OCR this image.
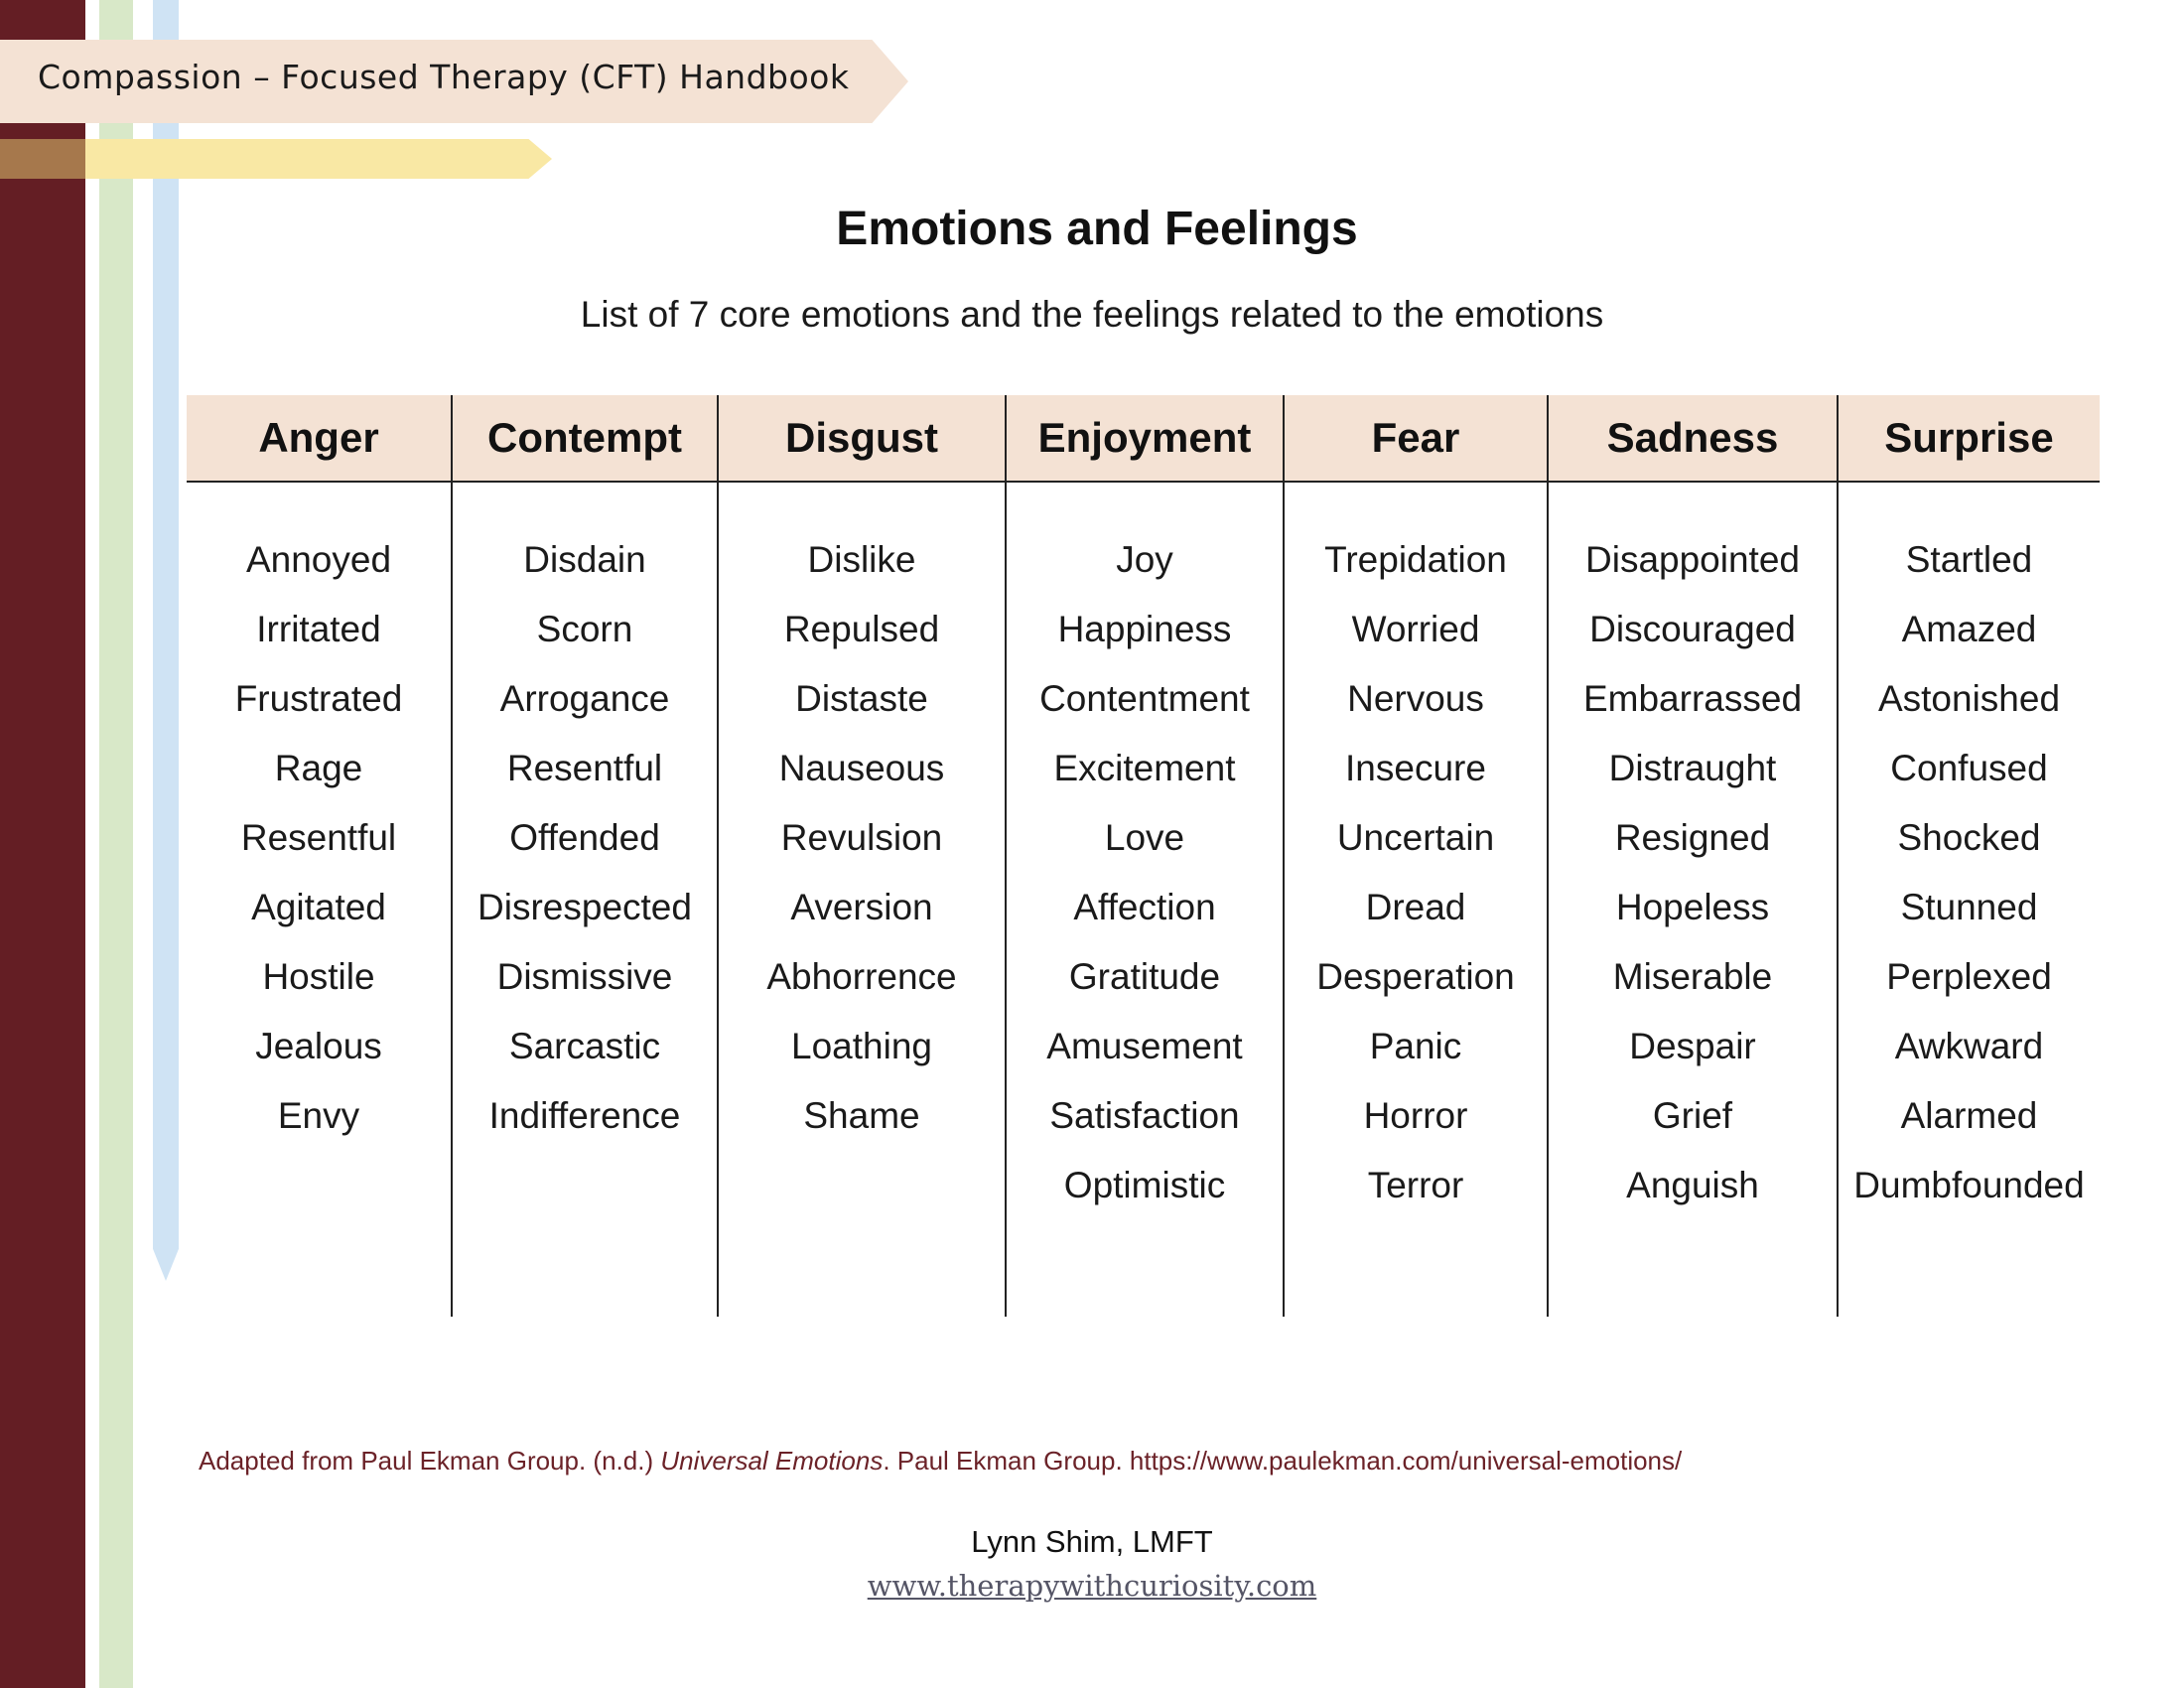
Compassion – Focused Therapy (CFT) Handbook
Emotions and Feelings
List of 7 core emotions and the feelings related to the emotions
Anger
Annoyed
Irritated
Frustrated
Rage
Resentful
Agitated
Hostile
Jealous
Envy
Contempt
Disdain
Scorn
Arrogance
Resentful
Offended
Disrespected
Dismissive
Sarcastic
Indifference
Disgust
Dislike
Repulsed
Distaste
Nauseous
Revulsion
Aversion
Abhorrence
Loathing
Shame
Enjoyment
Joy
Happiness
Contentment
Excitement
Love
Affection
Gratitude
Amusement
Satisfaction
Optimistic
Fear
Trepidation
Worried
Nervous
Insecure
Uncertain
Dread
Desperation
Panic
Horror
Terror
Sadness
Disappointed
Discouraged
Embarrassed
Distraught
Resigned
Hopeless
Miserable
Despair
Grief
Anguish
Surprise
Startled
Amazed
Astonished
Confused
Shocked
Stunned
Perplexed
Awkward
Alarmed
Dumbfounded
Adapted from Paul Ekman Group. (n.d.) Universal Emotions. Paul Ekman Group. https://www.paulekman.com/universal-emotions/
Lynn Shim, LMFT
www.therapywithcuriosity.com
